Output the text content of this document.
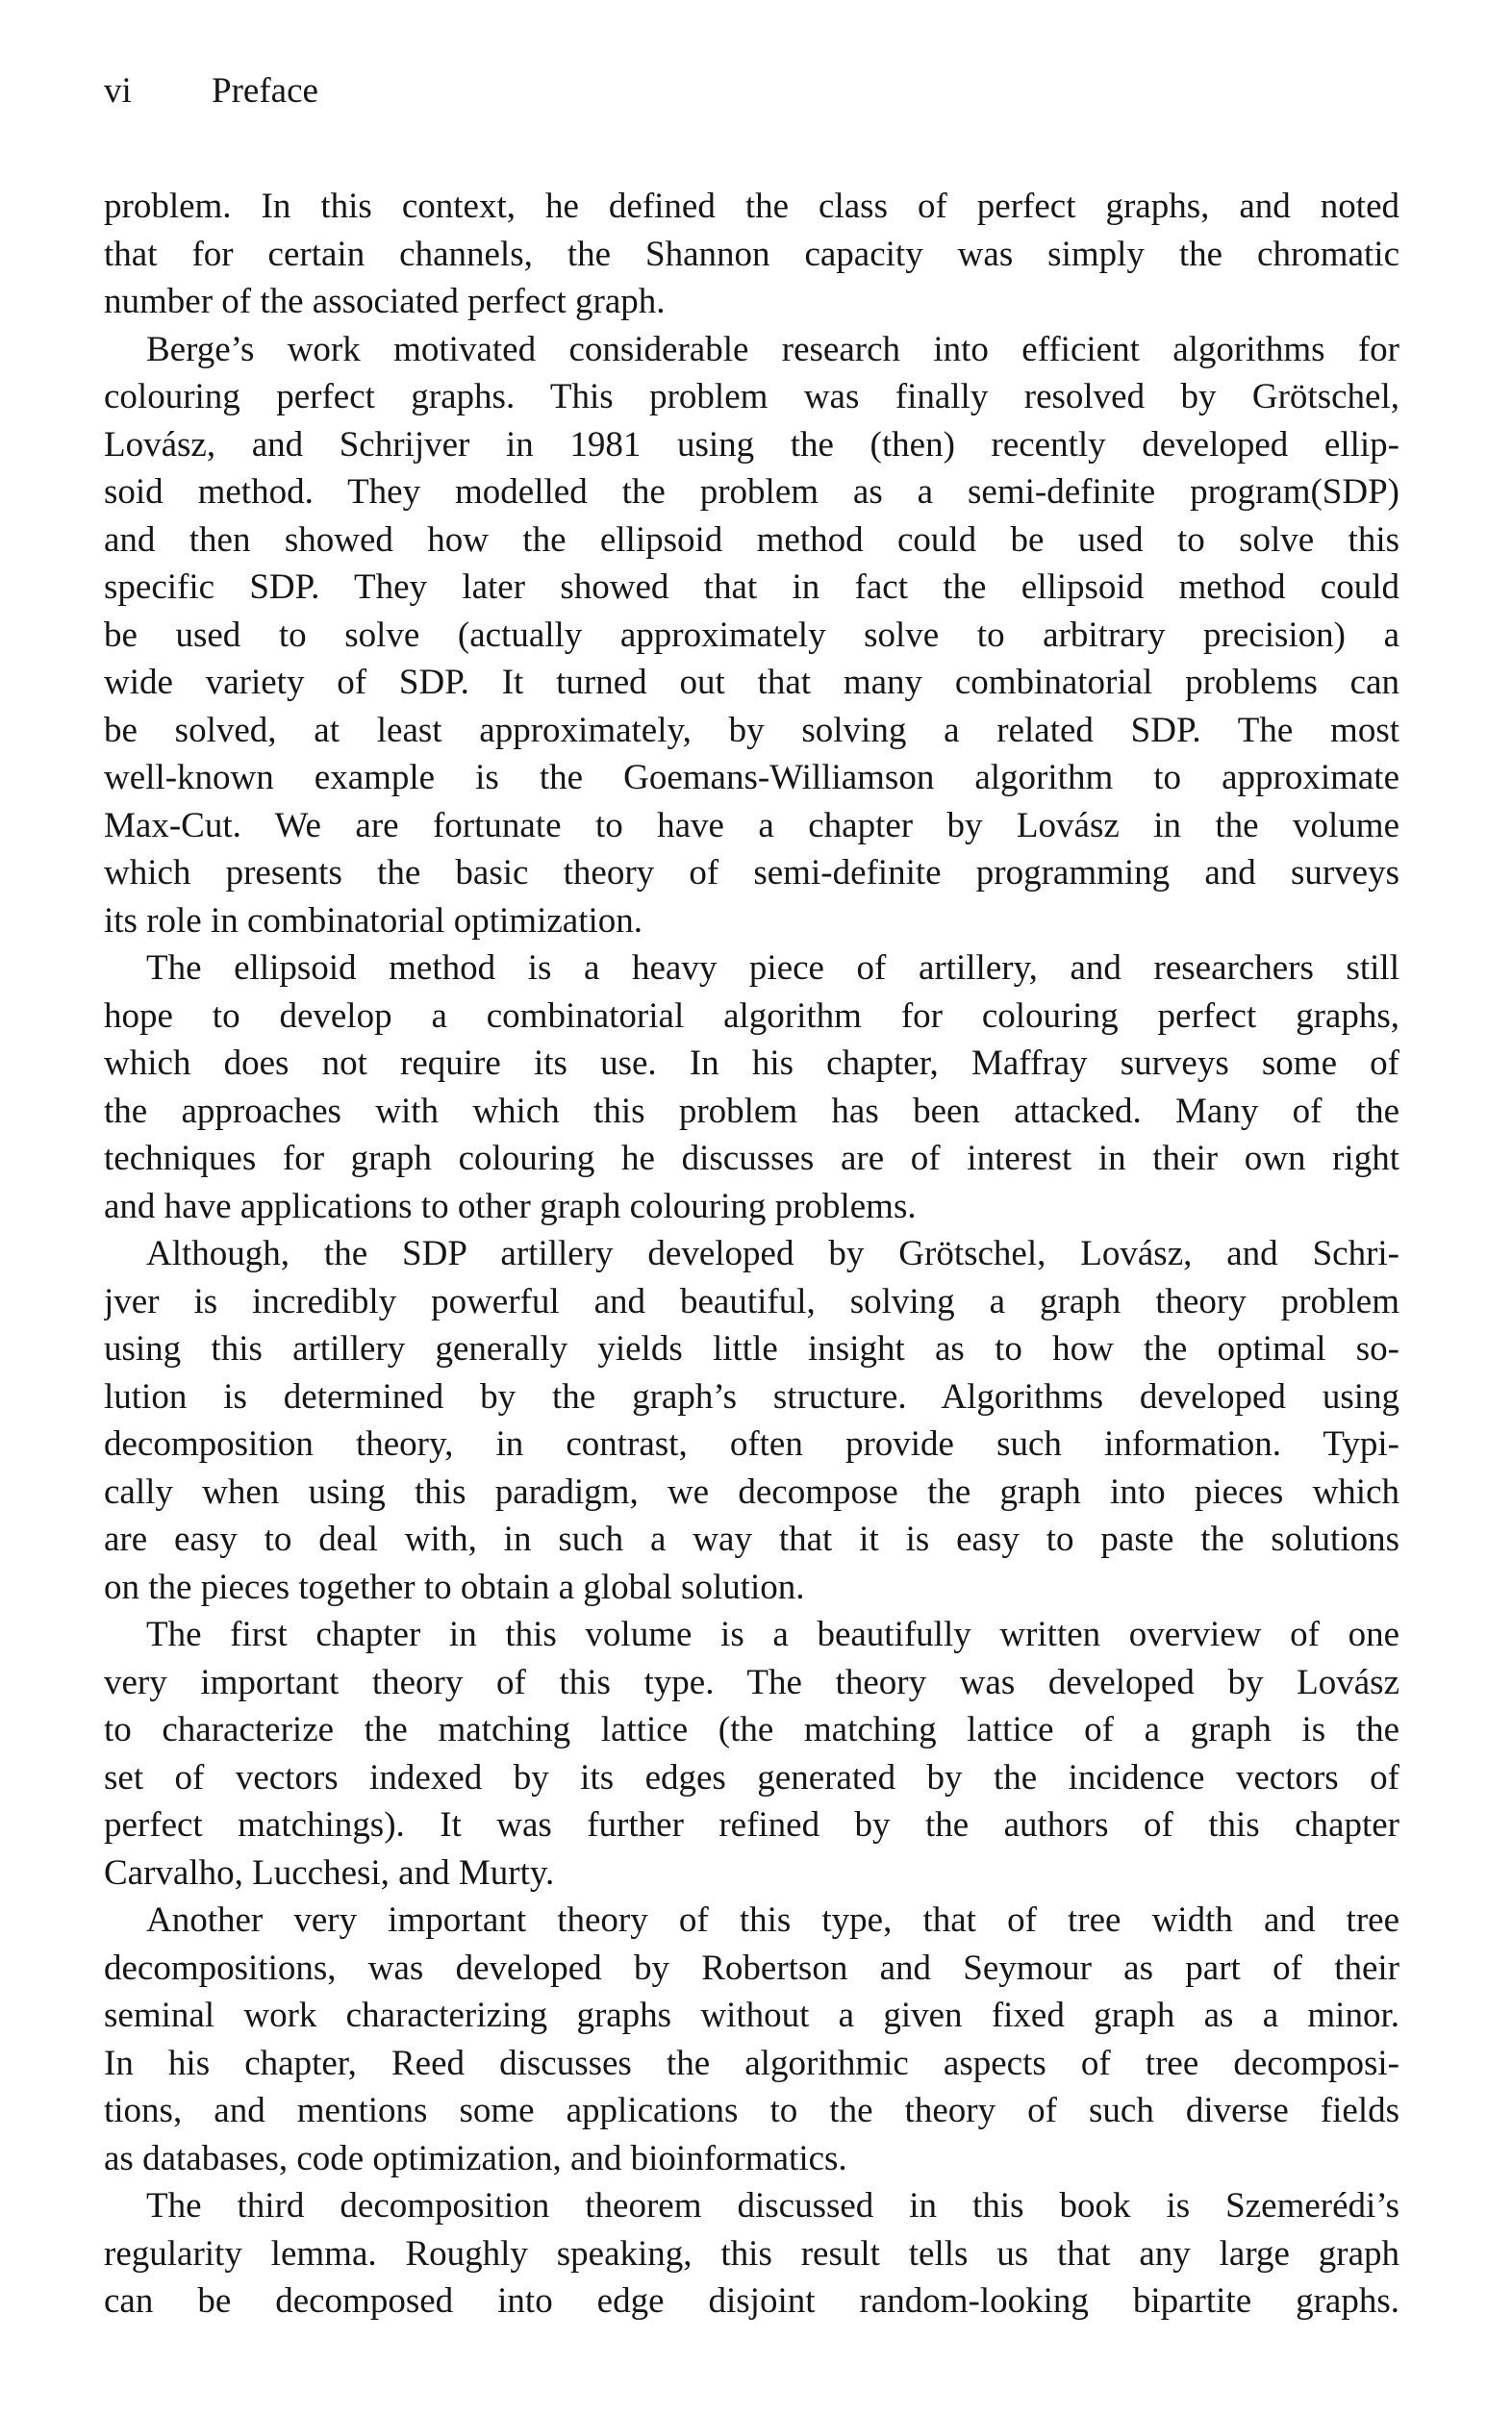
vi Preface

problem. In this context, he defined the class of perfect graphs, and noted
that for certain channels, the Shannon capacity was simply the chromatic
number of the associated perfect graph.

Berge’s work motivated considerable research into efficient algorithms for
colouring perfect graphs. This problem was finally resolved by Grötschel,
Lovász, and Schrijver in 1981 using the (then) recently developed ellip-
soid method. They modelled the problem as a semi-definite program(SDP)
and then showed how the ellipsoid method could be used to solve this
specific SDP. They later showed that in fact the ellipsoid method could
be used to solve (actually approximately solve to arbitrary precision) a
wide variety of SDP. It turned out that many combinatorial problems can
be solved, at least approximately, by solving a related SDP. The most
well-known example is the Goemans-Williamson algorithm to approximate
Max-Cut. We are fortunate to have a chapter by Lovász in the volume
which presents the basic theory of semi-definite programming and surveys
its role in combinatorial optimization.

The ellipsoid method is a heavy piece of artillery, and researchers still
hope to develop a combinatorial algorithm for colouring perfect graphs,
which does not require its use. In his chapter, Maffray surveys some of
the approaches with which this problem has been attacked. Many of the
techniques for graph colouring he discusses are of interest in their own right
and have applications to other graph colouring problems.

Although, the SDP artillery developed by Grötschel, Lovász, and Schri-
jver is incredibly powerful and beautiful, solving a graph theory problem
using this artillery generally yields little insight as to how the optimal so-
lution is determined by the graph’s structure. Algorithms developed using
decomposition theory, in contrast, often provide such information. Typi-
cally when using this paradigm, we decompose the graph into pieces which
are easy to deal with, in such a way that it is easy to paste the solutions
on the pieces together to obtain a global solution.

The first chapter in this volume is a beautifully written overview of one
very important theory of this type. The theory was developed by Lovász
to characterize the matching lattice (the matching lattice of a graph is the
set of vectors indexed by its edges generated by the incidence vectors of
perfect matchings). It was further refined by the authors of this chapter
Carvalho, Lucchesi, and Murty.

Another very important theory of this type, that of tree width and tree
decompositions, was developed by Robertson and Seymour as part of their
seminal work characterizing graphs without a given fixed graph as a minor.
In his chapter, Reed discusses the algorithmic aspects of tree decomposi-
tions, and mentions some applications to the theory of such diverse fields
as databases, code optimization, and bioinformatics.

The third decomposition theorem discussed in this book is Szemerédi’s
regularity lemma. Roughly speaking, this result tells us that any large graph
can be decomposed into edge disjoint random-looking bipartite graphs.
